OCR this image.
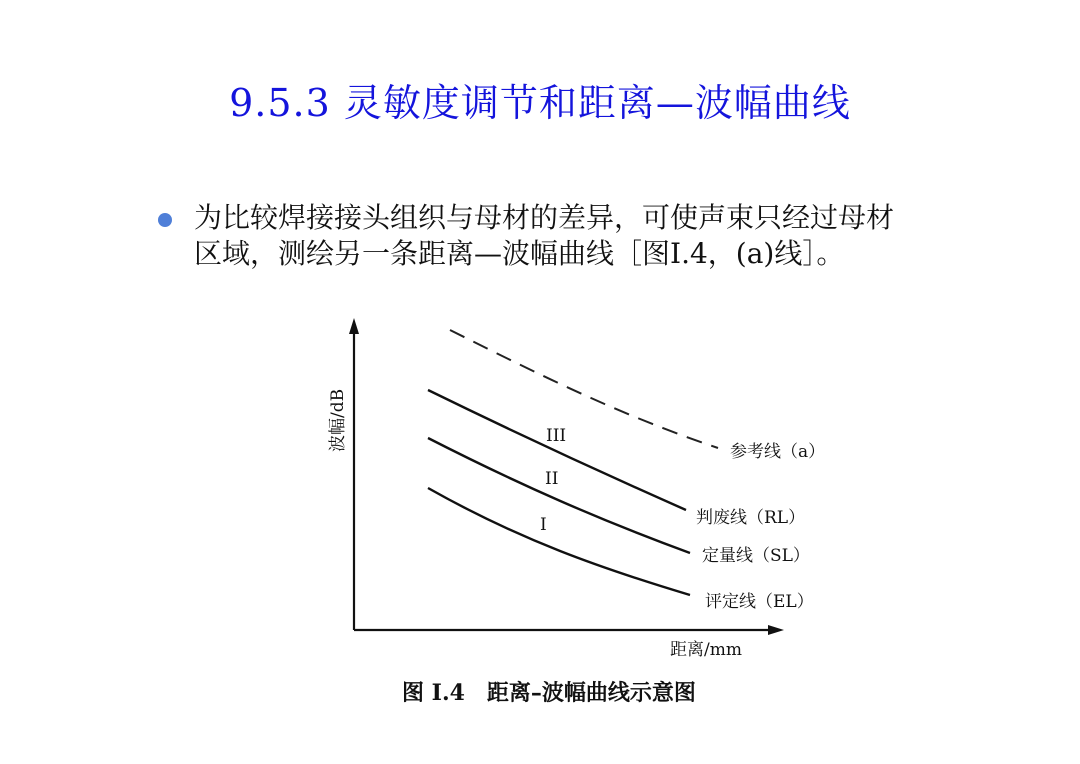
9.5.3 灵敏度调节和距离—波幅曲线
为比较焊接接头组织与母材的差异，可使声束只经过母材区域，测绘另一条距离—波幅曲线［图I.4，(a)线］。
III
II
I
参考线（a）
判废线（RL）
定量线（SL）
评定线（EL）
波幅/dB
距离/mm
图 I.4　距离–波幅曲线示意图
